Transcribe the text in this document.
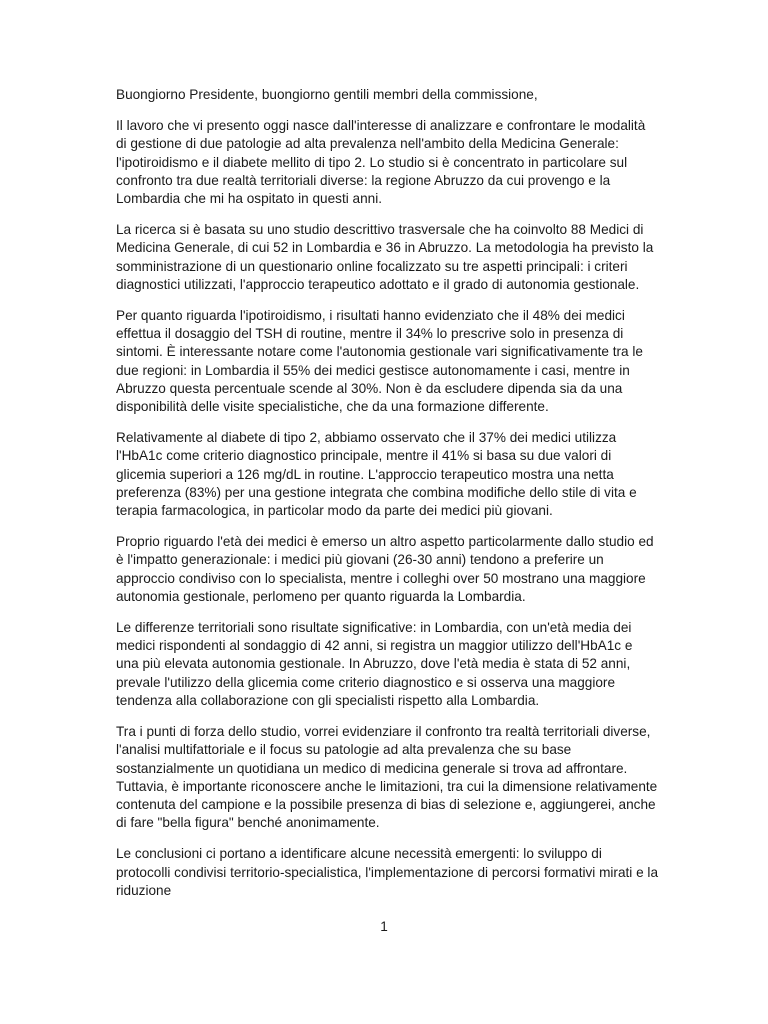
Buongiorno Presidente, buongiorno gentili membri della commissione,

Il lavoro che vi presento oggi nasce dall'interesse di analizzare e confrontare le modalità di gestione di due patologie ad alta prevalenza nell'ambito della Medicina Generale: l'ipotiroidismo e il diabete mellito di tipo 2. Lo studio si è concentrato in particolare sul confronto tra due realtà territoriali diverse: la regione Abruzzo da cui provengo e la Lombardia che mi ha ospitato in questi anni.

La ricerca si è basata su uno studio descrittivo trasversale che ha coinvolto 88 Medici di Medicina Generale, di cui 52 in Lombardia e 36 in Abruzzo. La metodologia ha previsto la somministrazione di un questionario online focalizzato su tre aspetti principali: i criteri diagnostici utilizzati, l'approccio terapeutico adottato e il grado di autonomia gestionale.

Per quanto riguarda l'ipotiroidismo, i risultati hanno evidenziato che il 48% dei medici effettua il dosaggio del TSH di routine, mentre il 34% lo prescrive solo in presenza di sintomi. È interessante notare come l'autonomia gestionale vari significativamente tra le due regioni: in Lombardia il 55% dei medici gestisce autonomamente i casi, mentre in Abruzzo questa percentuale scende al 30%. Non è da escludere dipenda sia da una disponibilità delle visite specialistiche, che da una formazione differente.

Relativamente al diabete di tipo 2, abbiamo osservato che il 37% dei medici utilizza l'HbA1c come criterio diagnostico principale, mentre il 41% si basa su due valori di glicemia superiori a 126 mg/dL in routine. L'approccio terapeutico mostra una netta preferenza (83%) per una gestione integrata che combina modifiche dello stile di vita e terapia farmacologica, in particolar modo da parte dei medici più giovani.

Proprio riguardo l'età dei medici è emerso un altro aspetto particolarmente dallo studio ed è l'impatto generazionale: i medici più giovani (26-30 anni) tendono a preferire un approccio condiviso con lo specialista, mentre i colleghi over 50 mostrano una maggiore autonomia gestionale, perlomeno per quanto riguarda la Lombardia.

Le differenze territoriali sono risultate significative: in Lombardia, con un'età media dei medici rispondenti al sondaggio di 42 anni, si registra un maggior utilizzo dell'HbA1c e una più elevata autonomia gestionale. In Abruzzo, dove l'età media è stata di 52 anni, prevale l'utilizzo della glicemia come criterio diagnostico e si osserva una maggiore tendenza alla collaborazione con gli specialisti rispetto alla Lombardia.

Tra i punti di forza dello studio, vorrei evidenziare il confronto tra realtà territoriali diverse, l'analisi multifattoriale e il focus su patologie ad alta prevalenza che su base sostanzialmente un quotidiana un medico di medicina generale si trova ad affrontare. Tuttavia, è importante riconoscere anche le limitazioni, tra cui la dimensione relativamente contenuta del campione e la possibile presenza di bias di selezione e, aggiungerei, anche di fare "bella figura" benché anonimamente.

Le conclusioni ci portano a identificare alcune necessità emergenti: lo sviluppo di protocolli condivisi territorio-specialistica, l'implementazione di percorsi formativi mirati e la riduzione

1
